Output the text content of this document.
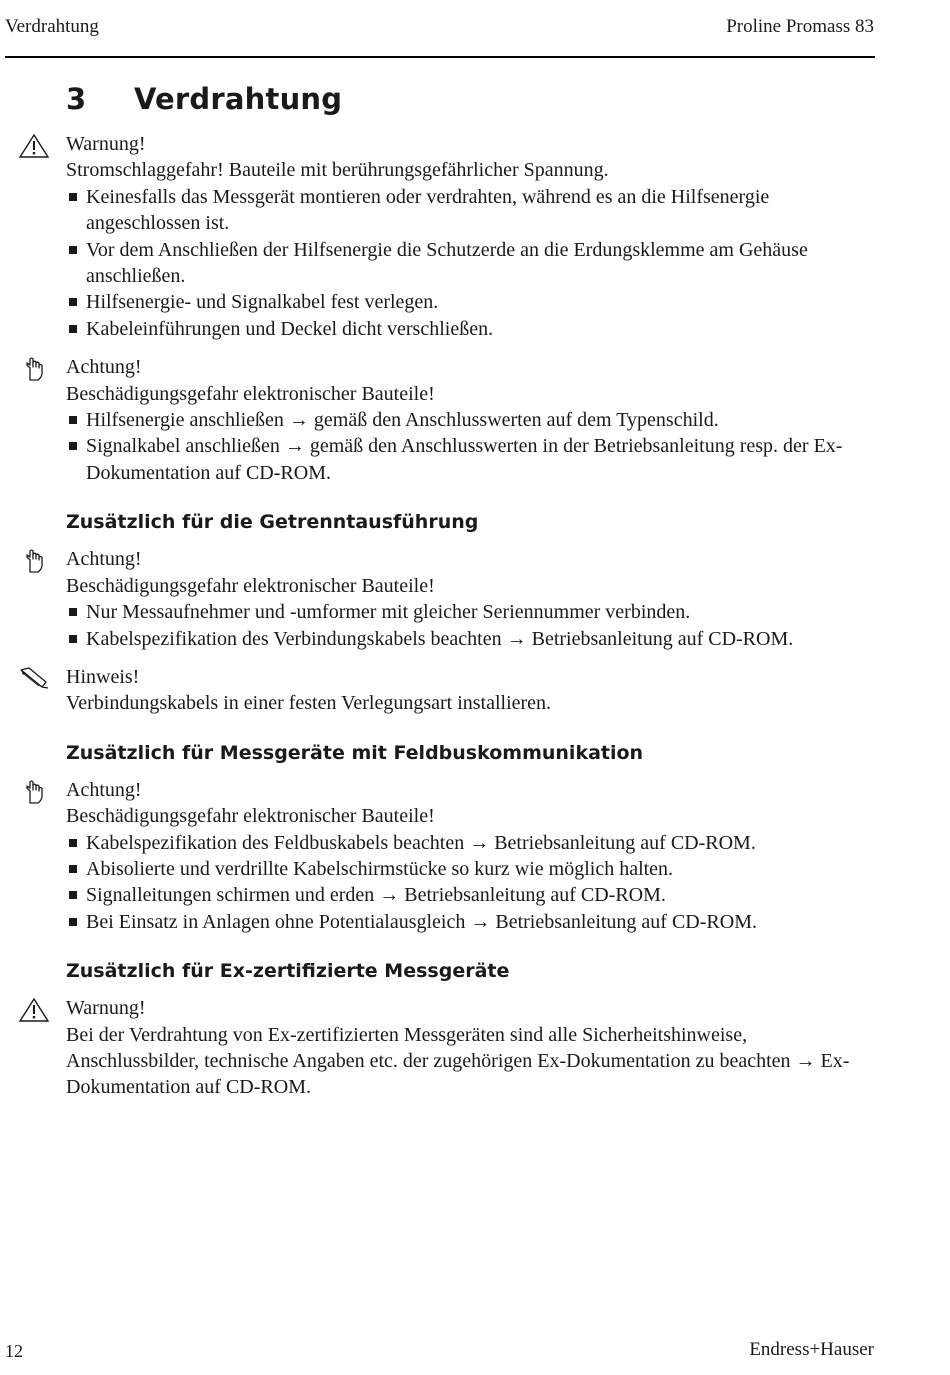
Verdrahtung	Proline Promass 83
3 Verdrahtung

Warnung!

Stromschlaggefahr! Bauteile mit berührungsgefährlicher Spannung.

Keinesfalls das Messgerät montieren oder verdrahten, während es an die Hilfsenergie angeschlossen ist.
Vor dem Anschließen der Hilfsenergie die Schutzerde an die Erdungsklemme am Gehäuse anschließen.
Hilfsenergie- und Signalkabel fest verlegen.
Kabeleinführungen und Deckel dicht verschließen.

Achtung!

Beschädigungsgefahr elektronischer Bauteile!

Hilfsenergie anschließen → gemäß den Anschlusswerten auf dem Typenschild.
Signalkabel anschließen → gemäß den Anschlusswerten in der Betriebsanleitung resp. der Ex-Dokumentation auf CD-ROM.
Zusätzlich für die Getrenntausführung

Achtung!

Beschädigungsgefahr elektronischer Bauteile!

Nur Messaufnehmer und -umformer mit gleicher Seriennummer verbinden.
Kabelspezifikation des Verbindungskabels beachten → Betriebsanleitung auf CD-ROM.

Hinweis!

Verbindungskabels in einer festen Verlegungsart installieren.

Zusätzlich für Messgeräte mit Feldbuskommunikation

Achtung!

Beschädigungsgefahr elektronischer Bauteile!

Kabelspezifikation des Feldbuskabels beachten → Betriebsanleitung auf CD-ROM.
Abisolierte und verdrillte Kabelschirmstücke so kurz wie möglich halten.
Signalleitungen schirmen und erden → Betriebsanleitung auf CD-ROM.
Bei Einsatz in Anlagen ohne Potentialausgleich → Betriebsanleitung auf CD-ROM.
Zusätzlich für Ex-zertifizierte Messgeräte

Warnung!

Bei der Verdrahtung von Ex-zertifizierten Messgeräten sind alle Sicherheitshinweise, Anschlussbilder, technische Angaben etc. der zugehörigen Ex-Dokumentation zu beachten → Ex-Dokumentation auf CD-ROM.

12	Endress+Hauser
